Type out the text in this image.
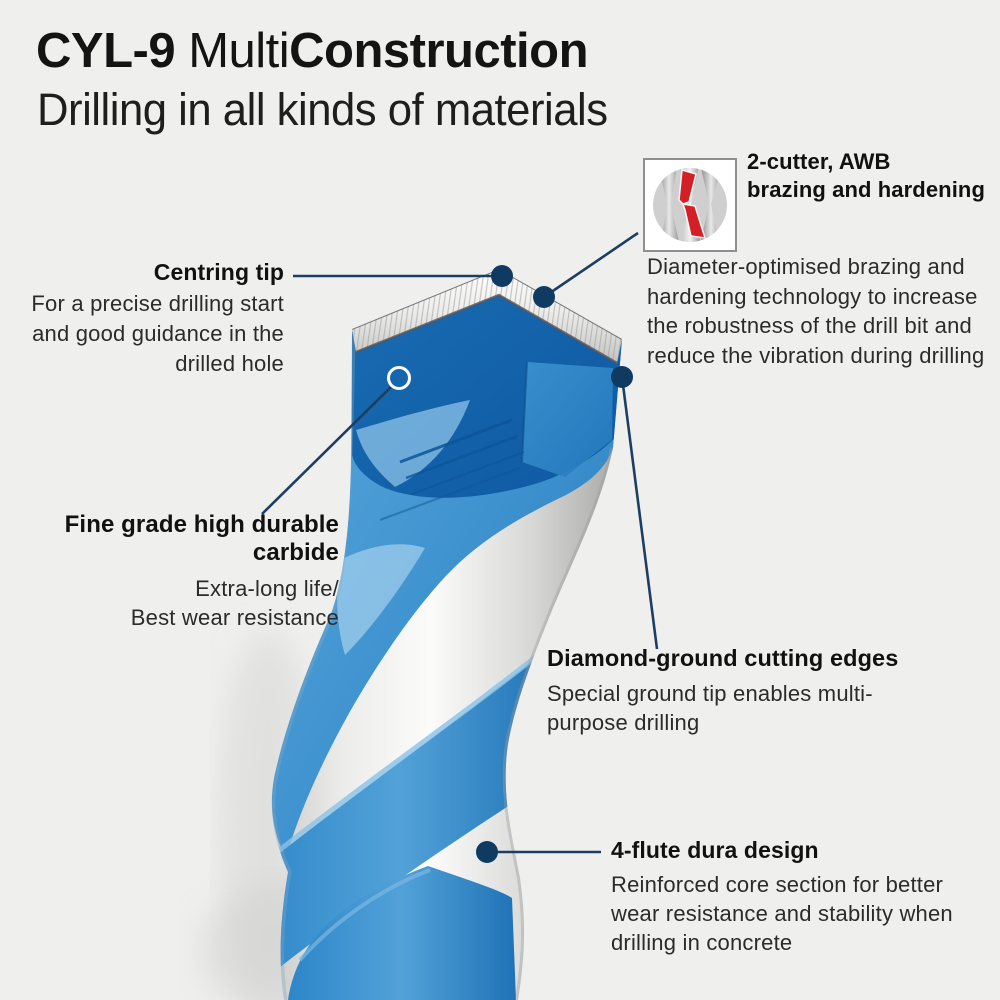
CYL-9 MultiConstruction
Drilling in all kinds of materials
2-cutter, AWB
brazing and hardening
Diameter-optimised brazing and
hardening technology to increase
the robustness of the drill bit and
reduce the vibration during drilling
Centring tip
For a precise drilling start
and good guidance in the
drilled hole
Fine grade high durable carbide
Extra-long life/
Best wear resistance
Diamond-ground cutting edges
Special ground tip enables multi-
purpose drilling
4-flute dura design
Reinforced core section for better
wear resistance and stability when
drilling in concrete
